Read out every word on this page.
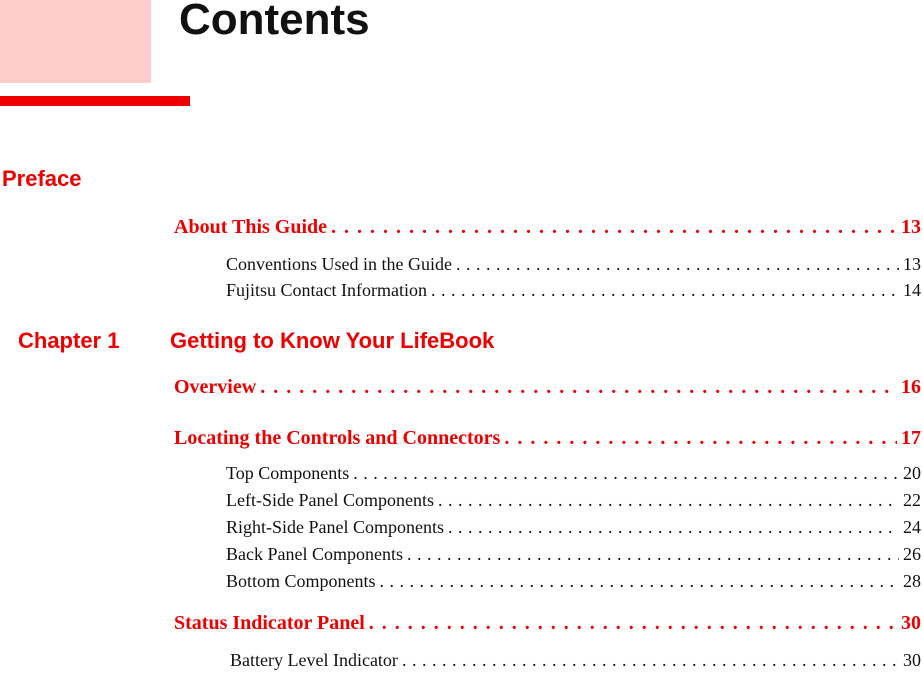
Contents
Preface
About This Guide . . .	13
Conventions Used in the Guide . . .	13
Fujitsu Contact Information . . .	14
Chapter 1 Getting to Know Your LifeBook
Overview . . .	16
Locating the Controls and Connectors . . .	17
Top Components . . .	20
Left-Side Panel Components . . .	22
Right-Side Panel Components . . .	24
Back Panel Components . . .	26
Bottom Components . . .	28
Status Indicator Panel . . .	30
Battery Level Indicator . . .	30
